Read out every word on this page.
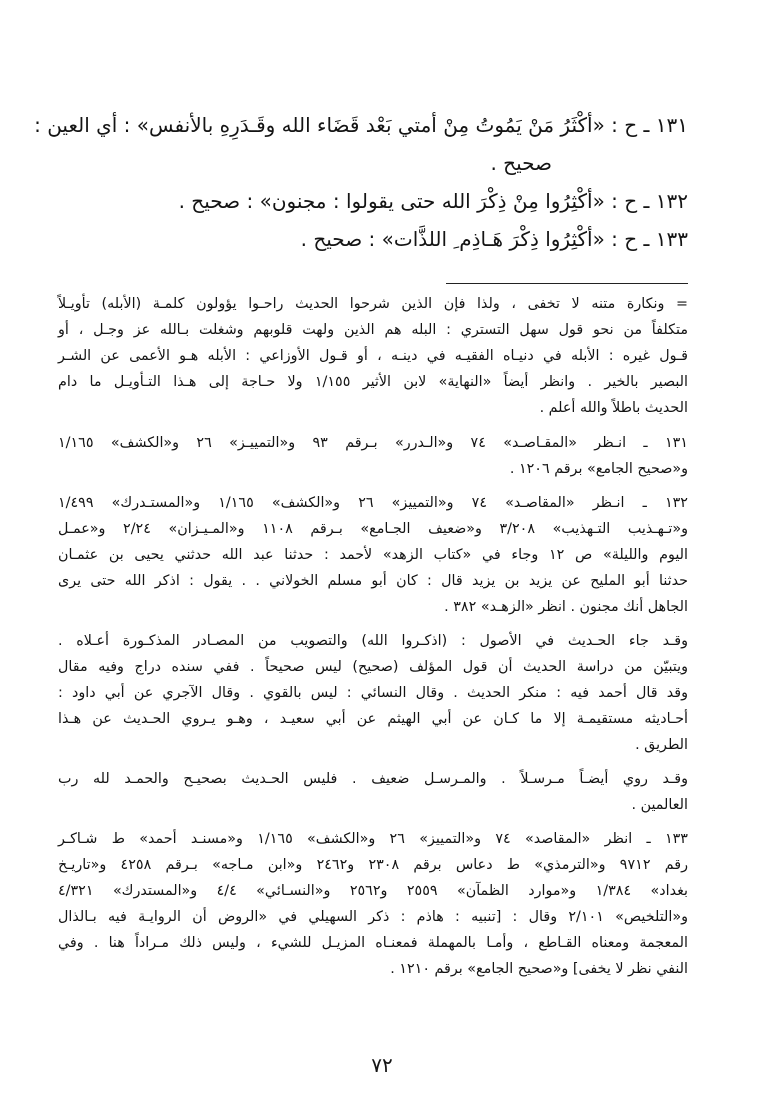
١٣١ ـ ح : «أكْثَرُ مَنْ يَمُوتُ مِنْ أمتي بَعْد قَضَاء الله وقَـدَرِهِ بالأنفس» : أي العين :
صحيح .
١٣٢ ـ ح : «أكْثِرُوا مِنْ ذِكْرَ الله حتى يقولوا : مجنون» : صحيح .
١٣٣ ـ ح : «أكْثِرُوا ذِكْرَ هَـاذِم ِ اللذَّات» : صحيح .
= ونكارة متنه لا تخفى ، ولذا فإن الذين شرحوا الحديث راحـوا يؤولون كلمـة (الأبله) تأويـلاً
متكلفاً من نحو قول سهل التستري : البله هم الذين ولهت قلوبهم وشغلت بـالله عز وجـل ، أو
قـول غيره : الأبله في دنيـاه الفقيـه في دينـه ، أو قـول الأوزاعي : الأبله هـو الأعمى عن الشـر
البصير بالخير . وانظر أيضاً «النهاية» لابن الأثير ١/١٥٥ ولا حـاجة إلى هـذا التـأويـل ما دام
الحديث باطلاً والله أعلم .
١٣١ ـ انـظر «المقـاصـد» ٧٤ و«الـدرر» بـرقم ٩٣ و«التمييـز» ٢٦ و«الكشف» ١/١٦٥
و«صحيح الجامع» برقم ١٢٠٦ .
١٣٢ ـ انـظر «المقاصـد» ٧٤ و«التمييز» ٢٦ و«الكشف» ١/١٦٥ و«المستـدرك» ١/٤٩٩
و«تـهـذيب التـهذيب» ٣/٢٠٨ و«ضعيف الجـامع» بـرقم ١١٠٨ و«المـيـزان» ٢/٢٤ و«عمـل
اليوم والليلة» ص ١٢ وجاء في «كتاب الزهد» لأحمد : حدثنا عبد الله حدثني يحيى بن عثمـان
حدثنا أبو المليح عن يزيد بن يزيد قال : كان أبو مسلم الخولاني . . يقول : اذكر الله حتى يرى
الجاهل أنك مجنون . انظر «الزهـد» ٣٨٢ .
وقـد جاء الحـديث في الأصول : (اذكـروا الله) والتصويب من المصـادر المذكـورة أعـلاه .
ويتبيّن من دراسة الحديث أن قول المؤلف (صحيح) ليس صحيحاً . ففي سنده دراج وفيه مقال
وقد قال أحمد فيه : منكر الحديث . وقال النسائي : ليس بالقوي . وقال الآجري عن أبي داود :
أحـاديثه مستقيمـة إلا ما كـان عن أبي الهيثم عن أبي سعيـد ، وهـو يـروي الحـديث عن هـذا
الطريق .
وقـد روي أيضـاً مـرسـلاً . والمـرسـل ضعيف . فليس الحـديث بصحيـح والحمـد لله رب
العالمين .
١٣٣ ـ انظر «المقاصد» ٧٤ و«التمييز» ٢٦ و«الكشف» ١/١٦٥ و«مسنـد أحمد» ط شـاكـر
رقم ٩٧١٢ و«الترمذي» ط دعاس برقم ٢٣٠٨ و٢٤٦٢ و«ابن مـاجه» بـرقم ٤٢٥٨ و«تاريـخ
بغداد» ١/٣٨٤ و«موارد الظمآن» ٢٥٥٩ و٢٥٦٢ و«النسـائي» ٤/٤ و«المستدرك» ٤/٣٢١
و«التلخيص» ٢/١٠١ وقال : [تنبيه : هاذم : ذكر السهيلي في «الروض أن الروايـة فيه بـالذال
المعجمة ومعناه القـاطع ، وأمـا بالمهملة فمعنـاه المزيـل للشيء ، وليس ذلك مـراداً هنا . وفي
النفي نظر لا يخفى] و«صحيح الجامع» برقم ١٢١٠ .
٧٢
